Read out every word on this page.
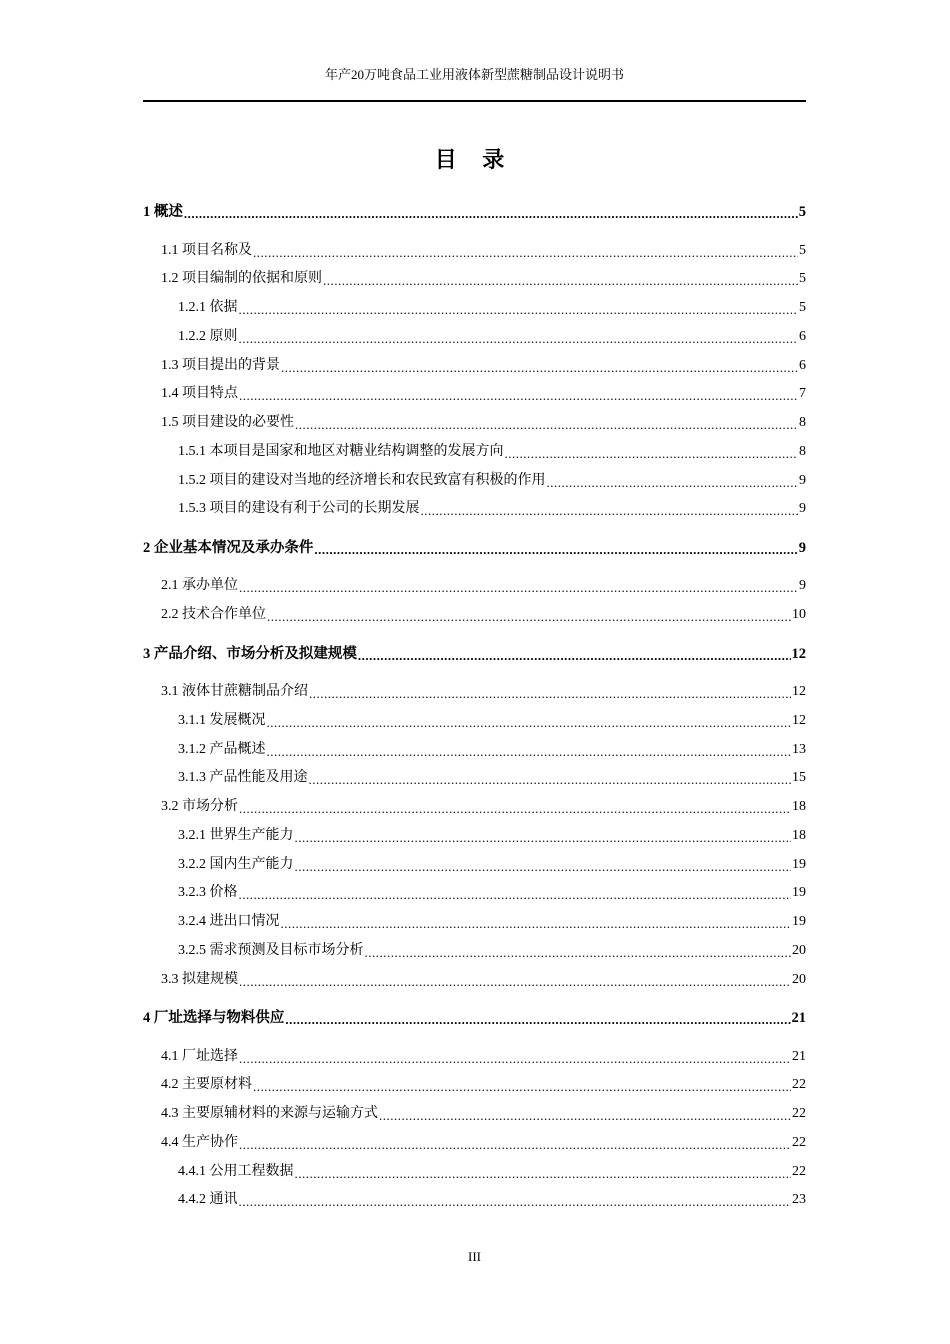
年产20万吨食品工业用液体新型蔗糖制品设计说明书
目 录
1 概述 .....	5
1.1 项目名称及 .....	5
1.2 项目编制的依据和原则 .....	5
1.2.1 依据 .....	5
1.2.2 原则 .....	6
1.3 项目提出的背景 .....	6
1.4 项目特点 .....	7
1.5 项目建设的必要性 .....	8
1.5.1 本项目是国家和地区对糖业结构调整的发展方向 .....	8
1.5.2 项目的建设对当地的经济增长和农民致富有积极的作用 .....	9
1.5.3 项目的建设有利于公司的长期发展 .....	9
2 企业基本情况及承办条件 .....	9
2.1 承办单位 .....	9
2.2 技术合作单位 .....	10
3 产品介绍、市场分析及拟建规模 .....	12
3.1 液体甘蔗糖制品介绍 .....	12
3.1.1 发展概况 .....	12
3.1.2 产品概述 .....	13
3.1.3 产品性能及用途 .....	15
3.2 市场分析 .....	18
3.2.1 世界生产能力 .....	18
3.2.2 国内生产能力 .....	19
3.2.3 价格 .....	19
3.2.4 进出口情况 .....	19
3.2.5 需求预测及目标市场分析 .....	20
3.3 拟建规模 .....	20
4 厂址选择与物料供应 .....	21
4.1 厂址选择 .....	21
4.2 主要原材料 .....	22
4.3 主要原辅材料的来源与运输方式 .....	22
4.4 生产协作 .....	22
4.4.1 公用工程数据 .....	22
4.4.2 通讯 .....	23
III
